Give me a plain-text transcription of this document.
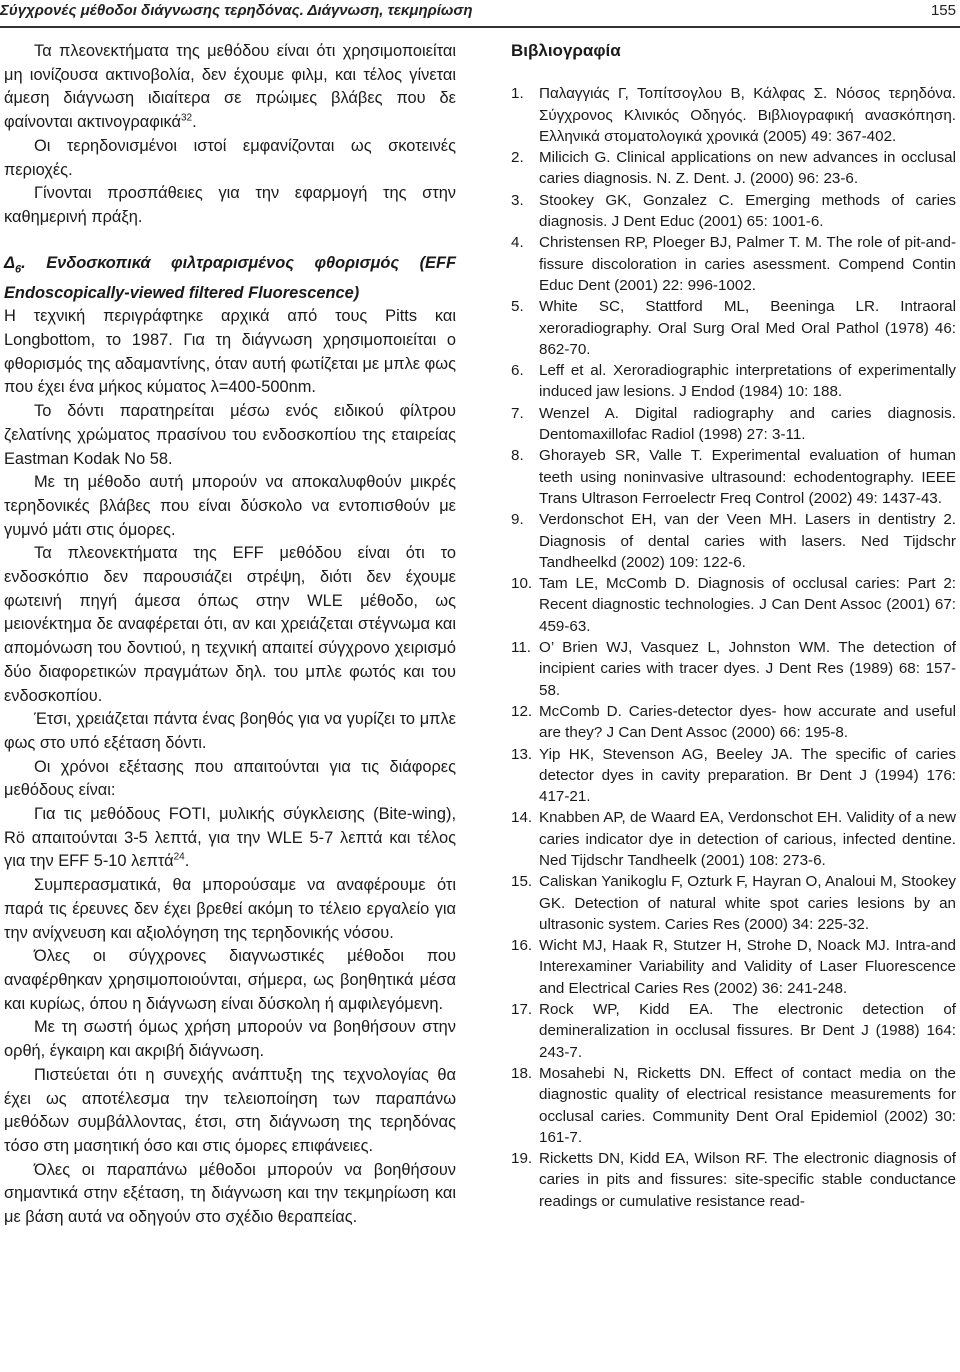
Σύγχρονές μέθοδοι διάγνωσης τερηδόνας. Διάγνωση, τεκμηρίωση	155

Τα πλεονεκτήματα της μεθόδου είναι ότι χρησιμοποιείται μη ιονίζουσα ακτινοβολία, δεν έχουμε φιλμ, και τέλος γίνεται άμεση διάγνωση ιδιαίτερα σε πρώιμες βλάβες που δε φαίνονται ακτινογραφικά$^{32}$.

Οι τερηδονισμένοι ιστοί εμφανίζονται ως σκοτεινές περιοχές.

Γίνονται προσπάθειες για την εφαρμογή της στην καθημερινή πράξη.

$\Delta_6$. Ενδοσκοπικά φιλτραρισμένος φθορισμός (EFF Endoscopically-viewed filtered Fluorescence)

Η τεχνική περιγράφτηκε αρχικά από τους Pitts και Longbottom, το 1987. Για τη διάγνωση χρησιμοποιείται ο φθορισμός της αδαμαντίνης, όταν αυτή φωτίζεται με μπλε φως που έχει ένα μήκος κύματος λ=400-500nm.

Το δόντι παρατηρείται μέσω ενός ειδικού φίλτρου ζελατίνης χρώματος πρασίνου του ενδοσκοπίου της εταιρείας Eastman Kodak No 58.

Με τη μέθοδο αυτή μπορούν να αποκαλυφθούν μικρές τερηδονικές βλάβες που είναι δύσκολο να εντοπισθούν με γυμνό μάτι στις όμορες.

Τα πλεονεκτήματα της EFF μεθόδου είναι ότι το ενδοσκόπιο δεν παρουσιάζει στρέψη, διότι δεν έχουμε φωτεινή πηγή άμεσα όπως στην WLE μέθοδο, ως μειονέκτημα δε αναφέρεται ότι, αν και χρειάζεται στέγνωμα και απομόνωση του δοντιού, η τεχνική απαιτεί σύγχρονο χειρισμό δύο διαφορετικών πραγμάτων δηλ. του μπλε φωτός και του ενδοσκοπίου.

Έτσι, χρειάζεται πάντα ένας βοηθός για να γυρίζει το μπλε φως στο υπό εξέταση δόντι.

Οι χρόνοι εξέτασης που απαιτούνται για τις διάφορες μεθόδους είναι:

Για τις μεθόδους FOTI, μυλικής σύγκλεισης (Bite-wing), Rö απαιτούνται 3-5 λεπτά, για την WLE 5-7 λεπτά και τέλος για την EFF 5-10 λεπτά$^{24}$.

Συμπερασματικά, θα μπορούσαμε να αναφέρουμε ότι παρά τις έρευνες δεν έχει βρεθεί ακόμη το τέλειο εργαλείο για την ανίχνευση και αξιολόγηση της τερηδονικής νόσου.

Όλες οι σύγχρονες διαγνωστικές μέθοδοι που αναφέρθηκαν χρησιμοποιούνται, σήμερα, ως βοηθητικά μέσα και κυρίως, όπου η διάγνωση είναι δύσκολη ή αμφιλεγόμενη.

Με τη σωστή όμως χρήση μπορούν να βοηθήσουν στην ορθή, έγκαιρη και ακριβή διάγνωση.

Πιστεύεται ότι η συνεχής ανάπτυξη της τεχνολογίας θα έχει ως αποτέλεσμα την τελειοποίηση των παραπάνω μεθόδων συμβάλλοντας, έτσι, στη διάγνωση της τερηδόνας τόσο στη μασητική όσο και στις όμορες επιφάνειες.

Όλες οι παραπάνω μέθοδοι μπορούν να βοηθήσουν σημαντικά στην εξέταση, τη διάγνωση και την τεκμηρίωση και με βάση αυτά να οδηγούν στο σχέδιο θεραπείας.

Βιβλιογραφία
1. Παλαγγιάς Γ, Τοπίτσογλου Β, Κάλφας Σ. Νόσος τερηδόνα. Σύγχρονος Κλινικός Οδηγός. Βιβλιογραφική ανασκόπηση. Ελληνικά στοματολογικά χρονικά (2005) 49: 367-402.
2. Milicich G. Clinical applications on new advances in occlusal caries diagnosis. N. Z. Dent. J. (2000) 96: 23-6.
3. Stookey GK, Gonzalez C. Emerging methods of caries diagnosis. J Dent Educ (2001) 65: 1001-6.
4. Christensen RP, Ploeger BJ, Palmer T. M. The role of pit-and-fissure discoloration in caries asessment. Compend Contin Educ Dent (2001) 22: 996-1002.
5. White SC, Stattford ML, Beeninga LR. Intraoral xeroradiography. Oral Surg Oral Med Oral Pathol (1978) 46: 862-70.
6. Leff et al. Xeroradiographic interpretations of experimentally induced jaw lesions. J Endod (1984) 10: 188.
7. Wenzel A. Digital radiography and caries diagnosis. Dentomaxillofac Radiol (1998) 27: 3-11.
8. Ghorayeb SR, Valle T. Experimental evaluation of human teeth using noninvasive ultrasound: echodentography. IEEE Trans Ultrason Ferroelectr Freq Control (2002) 49: 1437-43.
9. Verdonschot EH, van der Veen MH. Lasers in dentistry 2. Diagnosis of dental caries with lasers. Ned Tijdschr Tandheelkd (2002) 109: 122-6.
10. Tam LE, McComb D. Diagnosis of occlusal caries: Part 2: Recent diagnostic technologies. J Can Dent Assoc (2001) 67: 459-63.
11. O’ Brien WJ, Vasquez L, Johnston WM. The detection of incipient caries with tracer dyes. J Dent Res (1989) 68: 157-58.
12. McComb D. Caries-detector dyes- how accurate and useful are they? J Can Dent Assoc (2000) 66: 195-8.
13. Yip HK, Stevenson AG, Beeley JA. The specific of caries detector dyes in cavity preparation. Br Dent J (1994) 176: 417-21.
14. Knabben AP, de Waard EA, Verdonschot EH. Validity of a new caries indicator dye in detection of carious, infected dentine. Ned Tijdschr Tandheelk (2001) 108: 273-6.
15. Caliskan Yanikoglu F, Ozturk F, Hayran O, Analoui M, Stookey GK. Detection of natural white spot caries lesions by an ultrasonic system. Caries Res (2000) 34: 225-32.
16. Wicht MJ, Haak R, Stutzer H, Strohe D, Noack MJ. Intra-and Interexaminer Variability and Validity of Laser Fluorescence and Electrical Caries Res (2002) 36: 241-248.
17. Rock WP, Kidd EA. The electronic detection of demineralization in occlusal fissures. Br Dent J (1988) 164: 243-7.
18. Mosahebi N, Ricketts DN. Effect of contact media on the diagnostic quality of electrical resistance measurements for occlusal caries. Community Dent Oral Epidemiol (2002) 30: 161-7.
19. Ricketts DN, Kidd EA, Wilson RF. The electronic diagnosis of caries in pits and fissures: site-specific stable conductance readings or cumulative resistance read-
